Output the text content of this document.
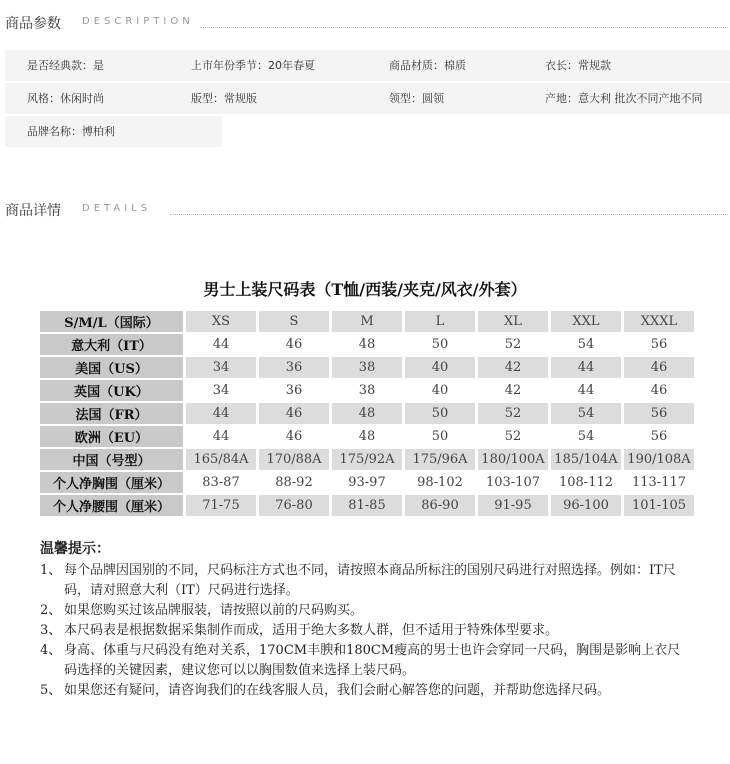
商品参数 DESCRIPTION
是否经典款：是	上市年份季节：20年春夏	商品材质：棉质	衣长：常规款
风格：休闲时尚	版型：常规版	领型：圆领	产地：意大利 批次不同产地不同
品牌名称：博柏利
商品详情 DETAILS
男士上装尺码表（T恤/西装/夹克/风衣/外套）
S/M/L（国际）	XS	S	M	L	XL	XXL	XXXL
意大利（IT）	44	46	48	50	52	54	56
美国（US）	34	36	38	40	42	44	46
英国（UK）	34	36	38	40	42	44	46
法国（FR）	44	46	48	50	52	54	56
欧洲（EU）	44	46	48	50	52	54	56
中国（号型）	165/84A	170/88A	175/92A	175/96A	180/100A	185/104A	190/108A
个人净胸围（厘米）	83-87	88-92	93-97	98-102	103-107	108-112	113-117
个人净腰围（厘米）	71-75	76-80	81-85	86-90	91-95	96-100	101-105
温馨提示：

1、 每个品牌因国别的不同，尺码标注方式也不同，请按照本商品所标注的国别尺码进行对照选择。例如：IT尺码，请对照意大利（IT）尺码进行选择。

2、 如果您购买过该品牌服装，请按照以前的尺码购买。

3、 本尺码表是根据数据采集制作而成，适用于绝大多数人群，但不适用于特殊体型要求。

4、 身高、体重与尺码没有绝对关系，170CM丰腴和180CM瘦高的男士也许会穿同一尺码，胸围是影响上衣尺码选择的关键因素，建议您可以以胸围数值来选择上装尺码。

5、 如果您还有疑问，请咨询我们的在线客服人员，我们会耐心解答您的问题，并帮助您选择尺码。
